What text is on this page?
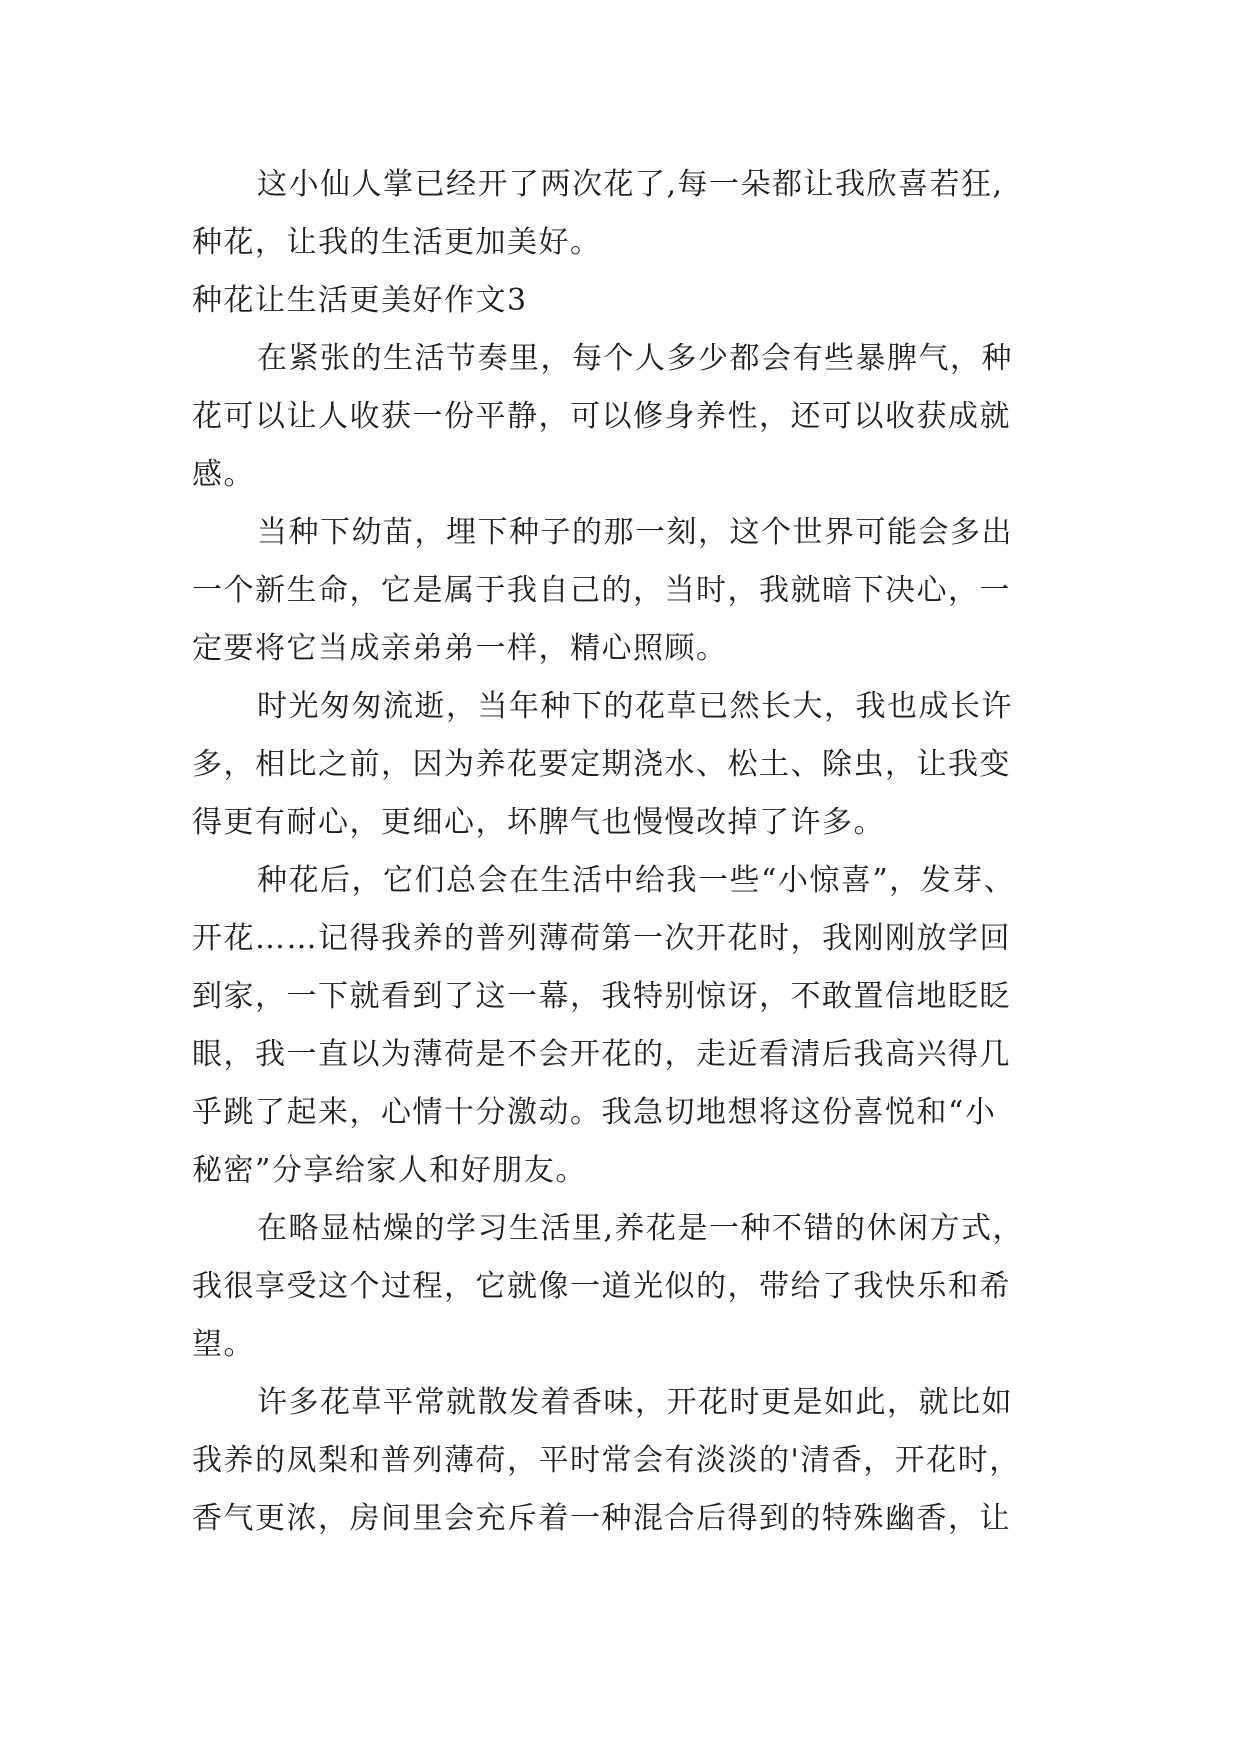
这小仙人掌已经开了两次花了,每一朵都让我欣喜若狂,
种花，让我的生活更加美好。
种花让生活更美好作文3
在紧张的生活节奏里，每个人多少都会有些暴脾气，种
花可以让人收获一份平静，可以修身养性，还可以收获成就
感。
当种下幼苗，埋下种子的那一刻，这个世界可能会多出
一个新生命，它是属于我自己的，当时，我就暗下决心，一
定要将它当成亲弟弟一样，精心照顾。
时光匆匆流逝，当年种下的花草已然长大，我也成长许
多，相比之前，因为养花要定期浇水、松土、除虫，让我变
得更有耐心，更细心，坏脾气也慢慢改掉了许多。
种花后，它们总会在生活中给我一些“小惊喜”，发芽、
开花……记得我养的普列薄荷第一次开花时，我刚刚放学回
到家，一下就看到了这一幕，我特别惊讶，不敢置信地眨眨
眼，我一直以为薄荷是不会开花的，走近看清后我高兴得几
乎跳了起来，心情十分激动。我急切地想将这份喜悦和“小
秘密”分享给家人和好朋友。
在略显枯燥的学习生活里,养花是一种不错的休闲方式，
我很享受这个过程，它就像一道光似的，带给了我快乐和希
望。
许多花草平常就散发着香味，开花时更是如此，就比如
我养的凤梨和普列薄荷，平时常会有淡淡的'清香，开花时，
香气更浓，房间里会充斥着一种混合后得到的特殊幽香，让
